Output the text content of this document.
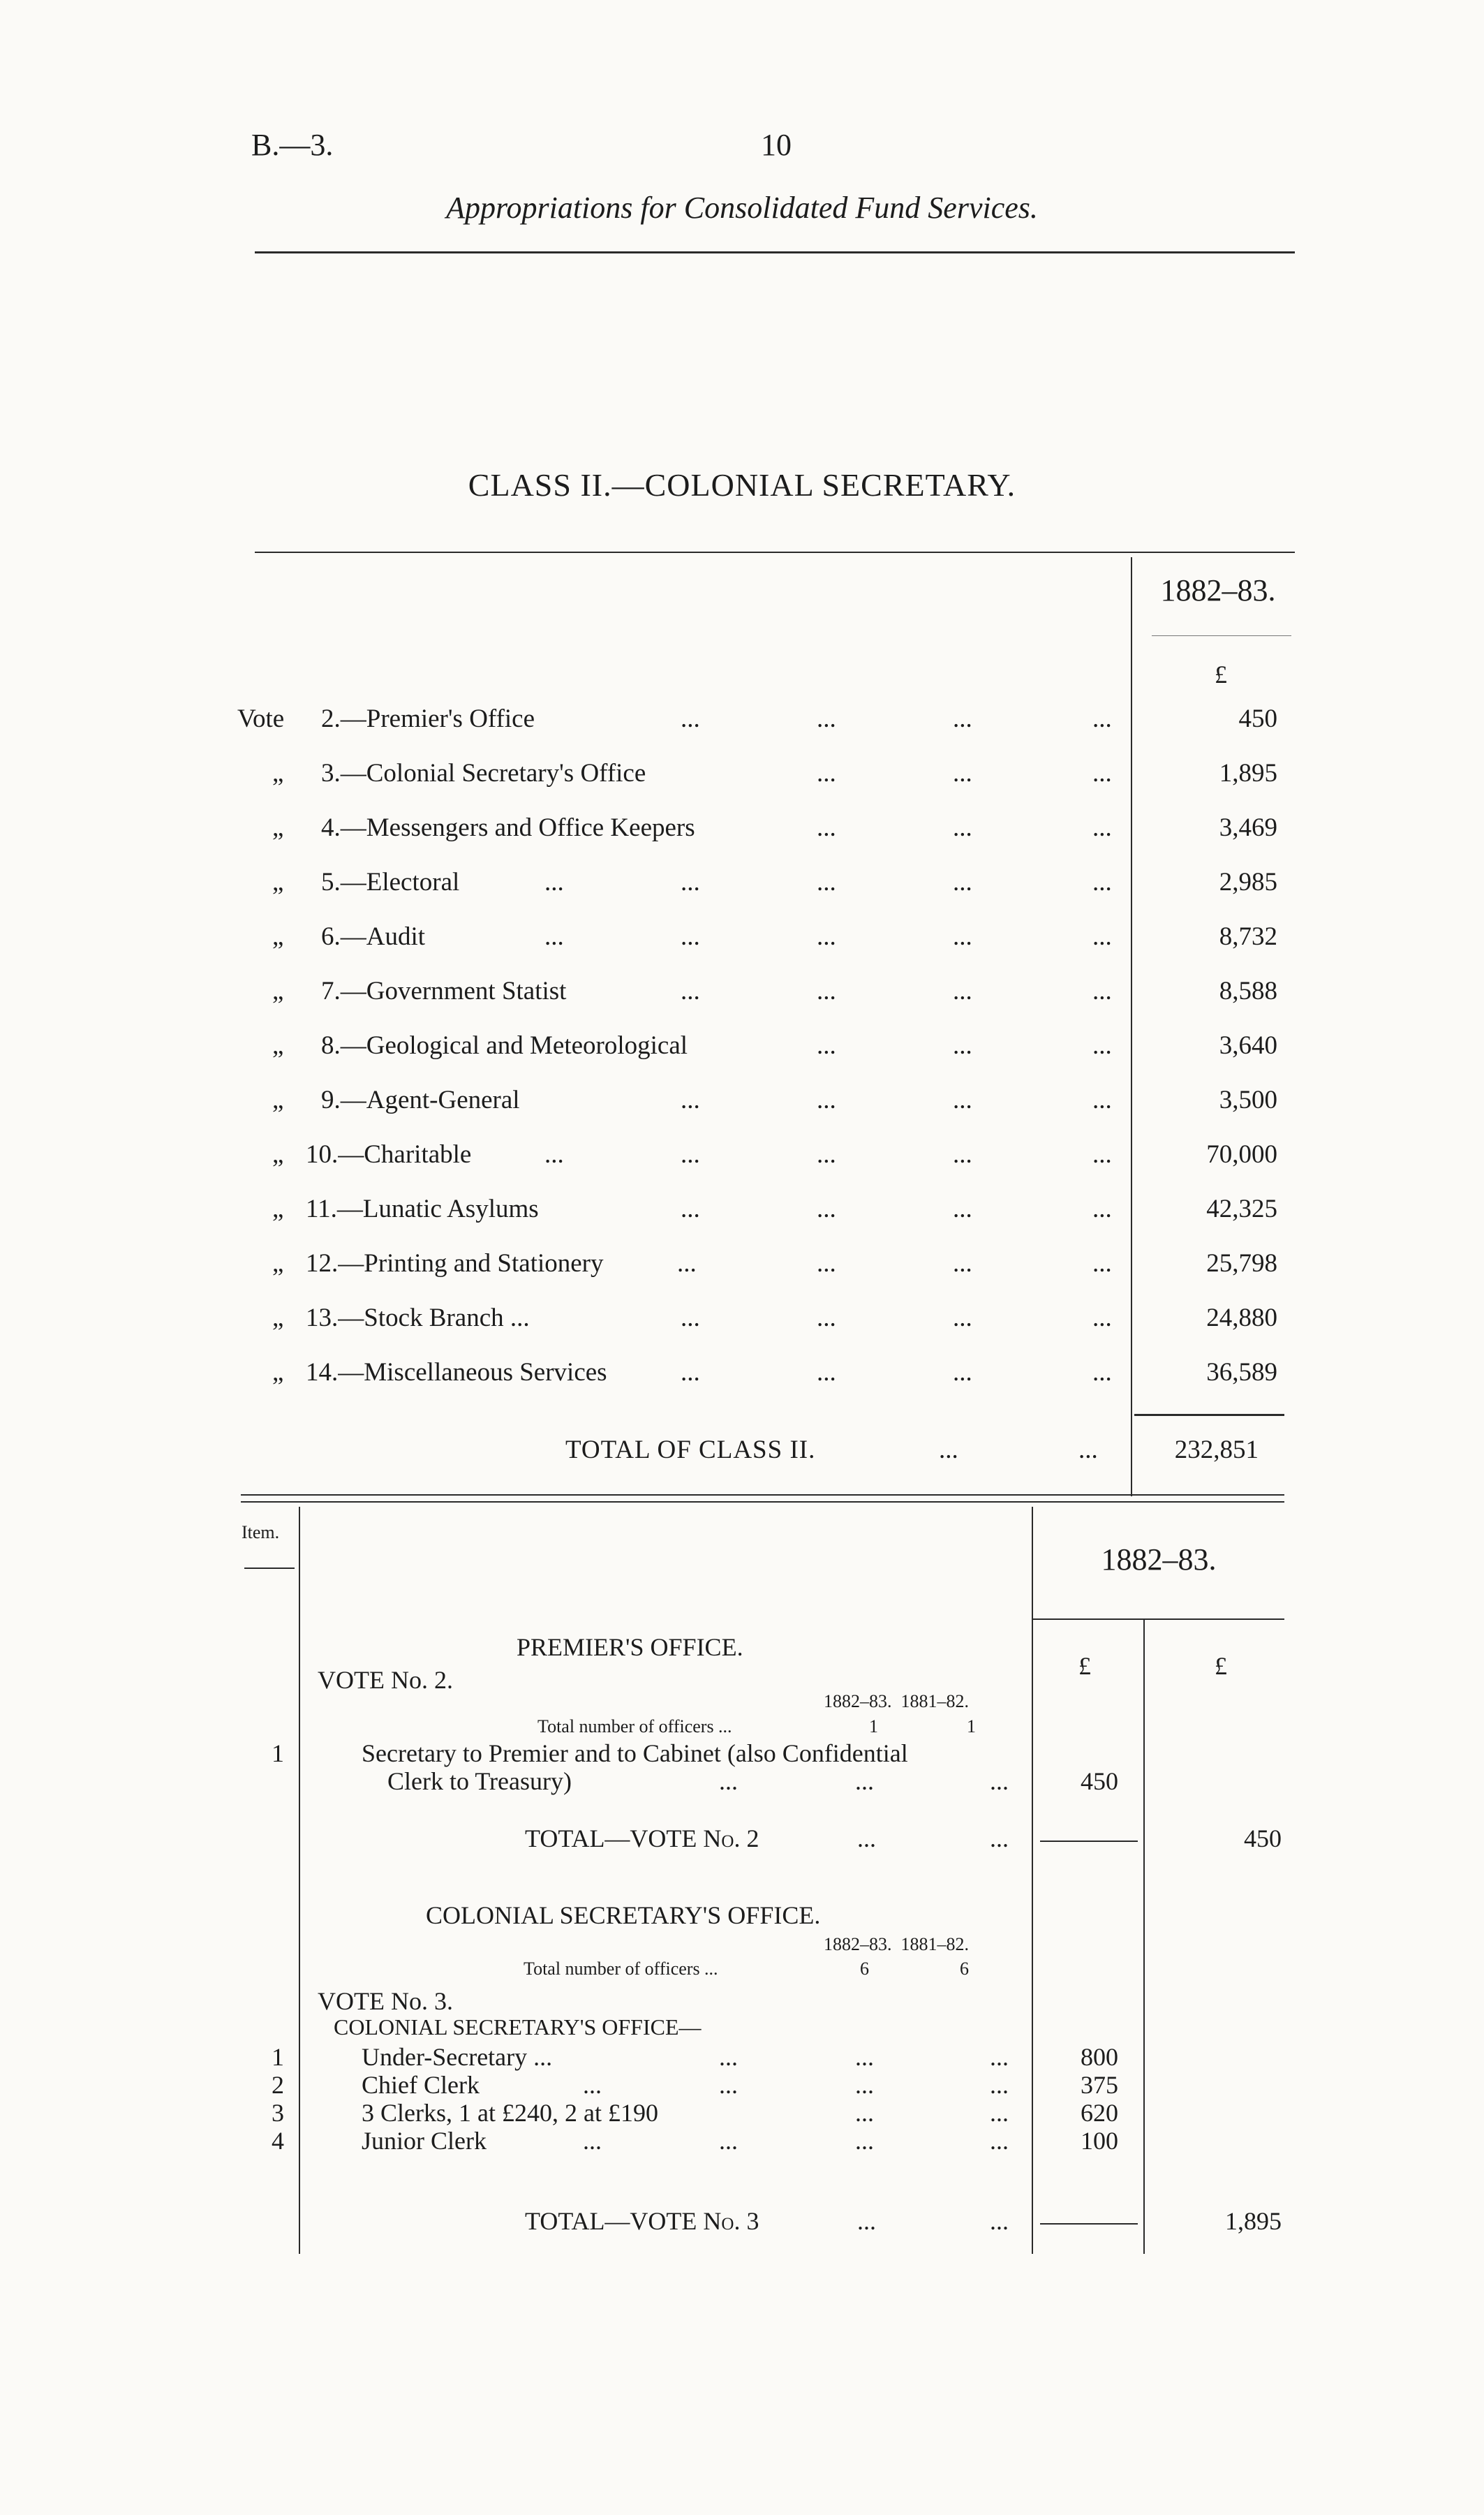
B.—3.	10
Appropriations for Consolidated Fund Services.
CLASS II.—COLONIAL SECRETARY.
1882–83.
£
Vote 2.—Premier's Office	...	...	...	...	450
„ 3.—Colonial Secretary's Office	...	...	...	1,895
„ 4.—Messengers and Office Keepers	...	...	...	3,469
„ 5.—Electoral	...	...	...	...	...	2,985
„ 6.—Audit	...	...	...	...	...	8,732
„ 7.—Government Statist	...	...	...	...	8,588
„ 8.—Geological and Meteorological	...	...	...	3,640
„ 9.—Agent-General	...	...	...	...	3,500
„ 10.—Charitable	...	...	...	...	...	70,000
„ 11.—Lunatic Asylums	...	...	...	...	42,325
„ 12.—Printing and Stationery	...	...	...	...	25,798
„ 13.—Stock Branch ...	...	...	...	...	24,880
„ 14.—Miscellaneous Services	...	...	...	...	36,589
TOTAL OF CLASS II.	...	...	232,851
Item.
1882–83.
£	£
PREMIER'S OFFICE.
VOTE No. 2.
1882–83.  1881–82.
Total number of officers ...	1	1
1	Secretary to Premier and to Cabinet (also Confidential
Clerk to Treasury)	...	...	...	450
TOTAL—VOTE No. 2	...	...	450
COLONIAL SECRETARY'S OFFICE.
1882–83.  1881–82.
Total number of officers ...	6	6
VOTE No. 3.
COLONIAL SECRETARY'S OFFICE—
1	Under-Secretary ...	...	...	...	800
2	Chief Clerk	...	...	...	...	375
3	3 Clerks, 1 at £240, 2 at £190	...	...	620
4	Junior Clerk	...	...	...	...	100
TOTAL—VOTE No. 3	...	...	1,895
